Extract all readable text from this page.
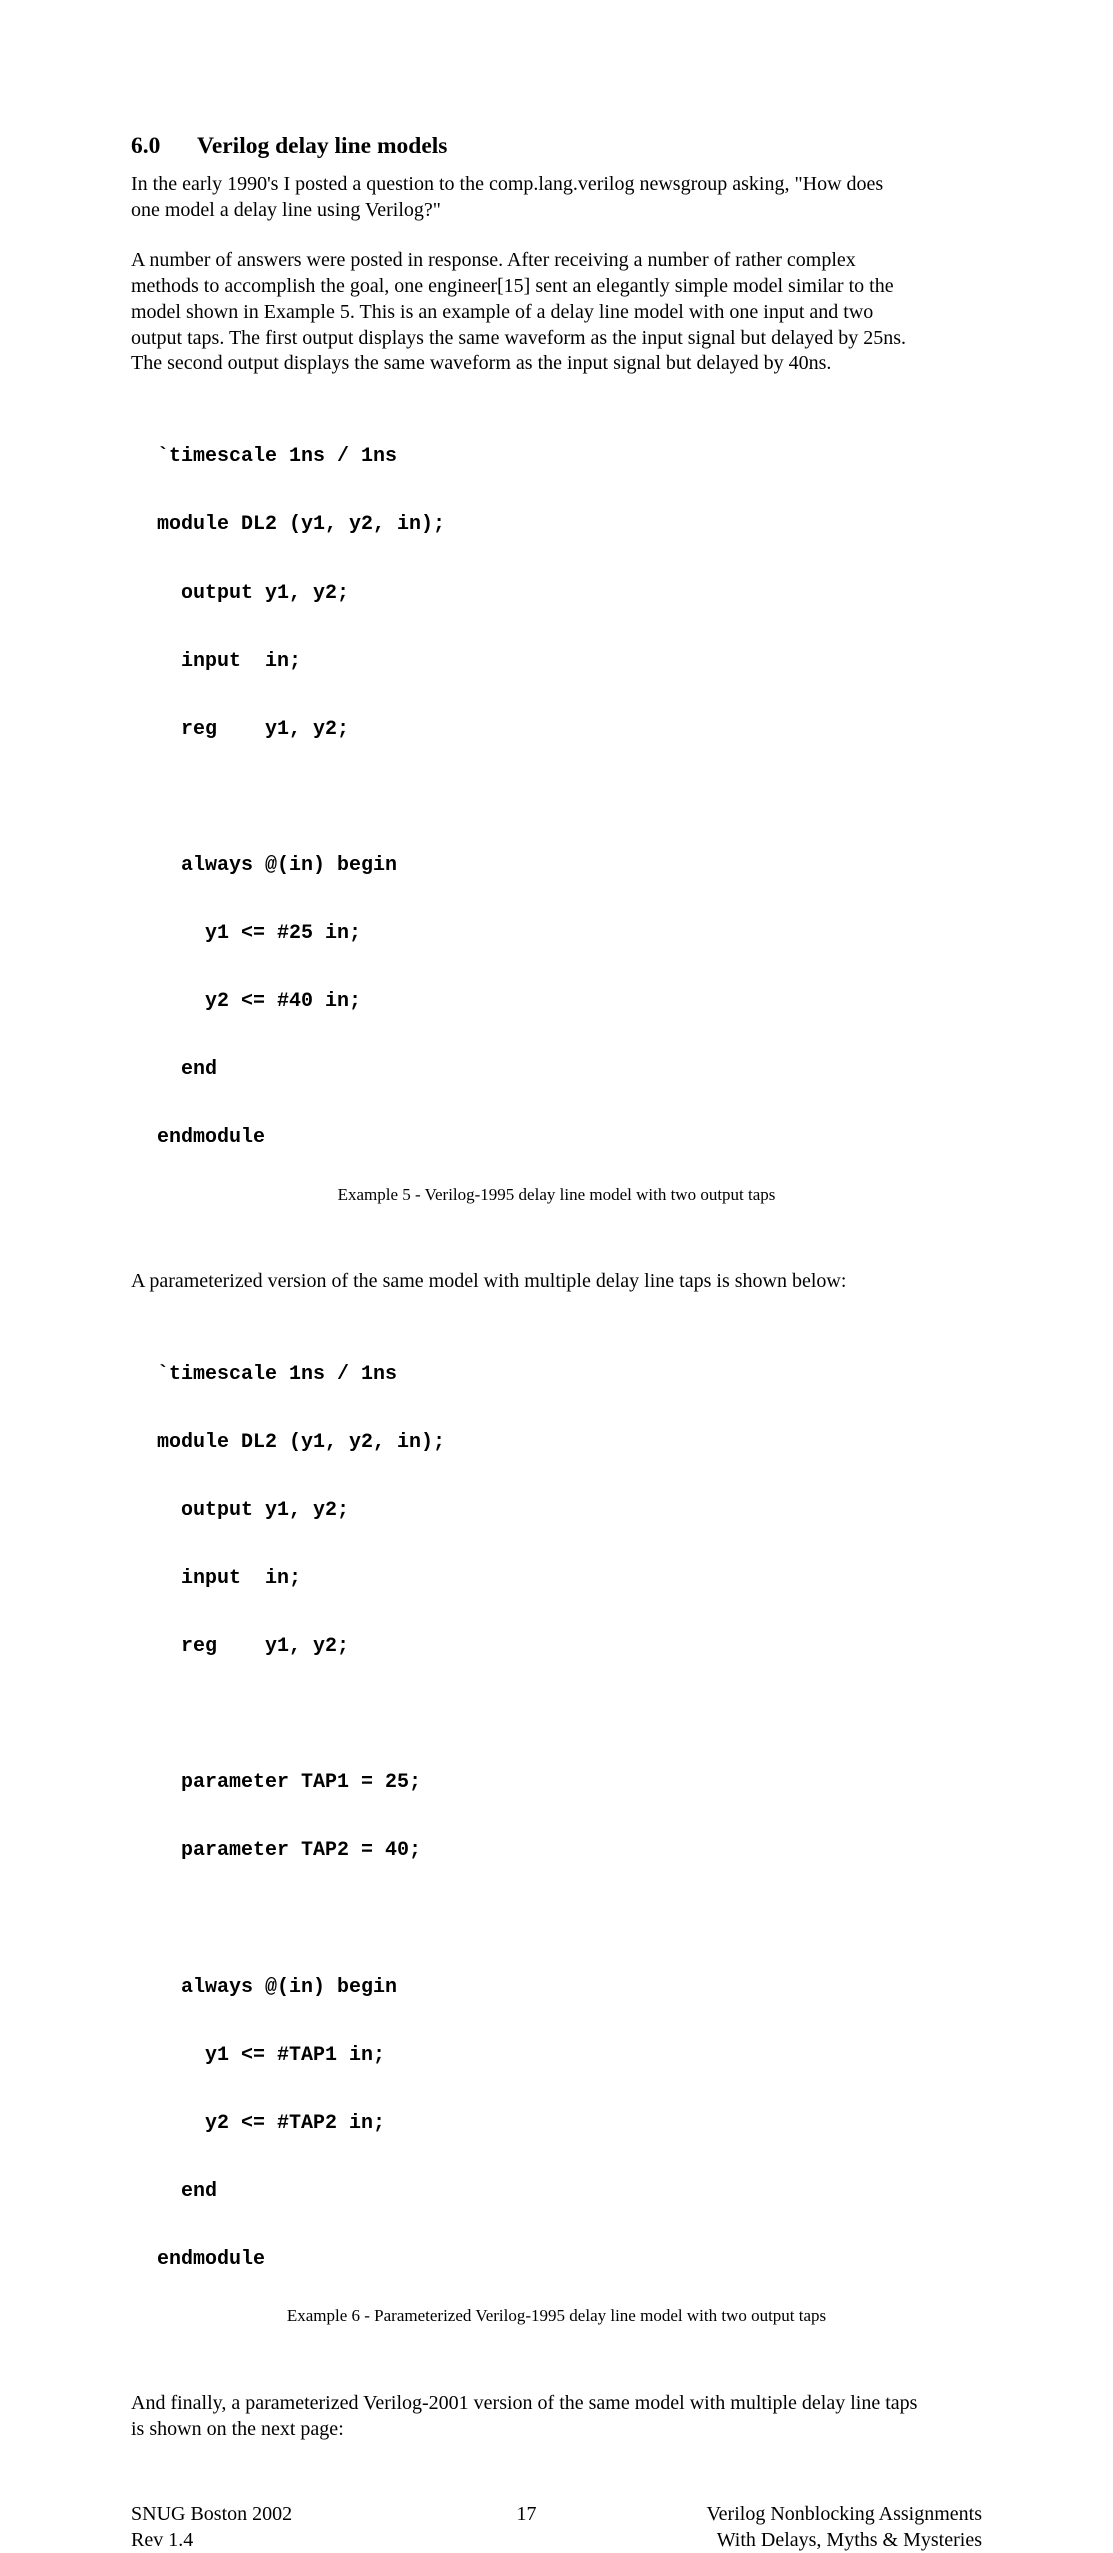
6.0 Verilog delay line models
In the early 1990's I posted a question to the comp.lang.verilog newsgroup asking, "How does
one model a delay line using Verilog?"
A number of answers were posted in response. After receiving a number of rather complex
methods to accomplish the goal, one engineer[15] sent an elegantly simple model similar to the
model shown in Example 5. This is an example of a delay line model with one input and two
output taps. The first output displays the same waveform as the input signal but delayed by 25ns.
The second output displays the same waveform as the input signal but delayed by 40ns.

`timescale 1ns / 1ns

module DL2 (y1, y2, in);

output y1, y2;

input  in;

reg    y1, y2;

always @(in) begin

y1 <= #25 in;

y2 <= #40 in;

end

endmodule

Example 5 - Verilog-1995 delay line model with two output taps
A parameterized version of the same model with multiple delay line taps is shown below:

`timescale 1ns / 1ns

module DL2 (y1, y2, in);

output y1, y2;

input  in;

reg    y1, y2;

parameter TAP1 = 25;

parameter TAP2 = 40;

always @(in) begin

y1 <= #TAP1 in;

y2 <= #TAP2 in;

end

endmodule

Example 6 - Parameterized Verilog-1995 delay line model with two output taps
And finally, a parameterized Verilog-2001 version of the same model with multiple delay line taps
is shown on the next page:
SNUG Boston 2002
Rev 1.4
17	Verilog Nonblocking Assignments
With Delays, Myths & Mysteries
